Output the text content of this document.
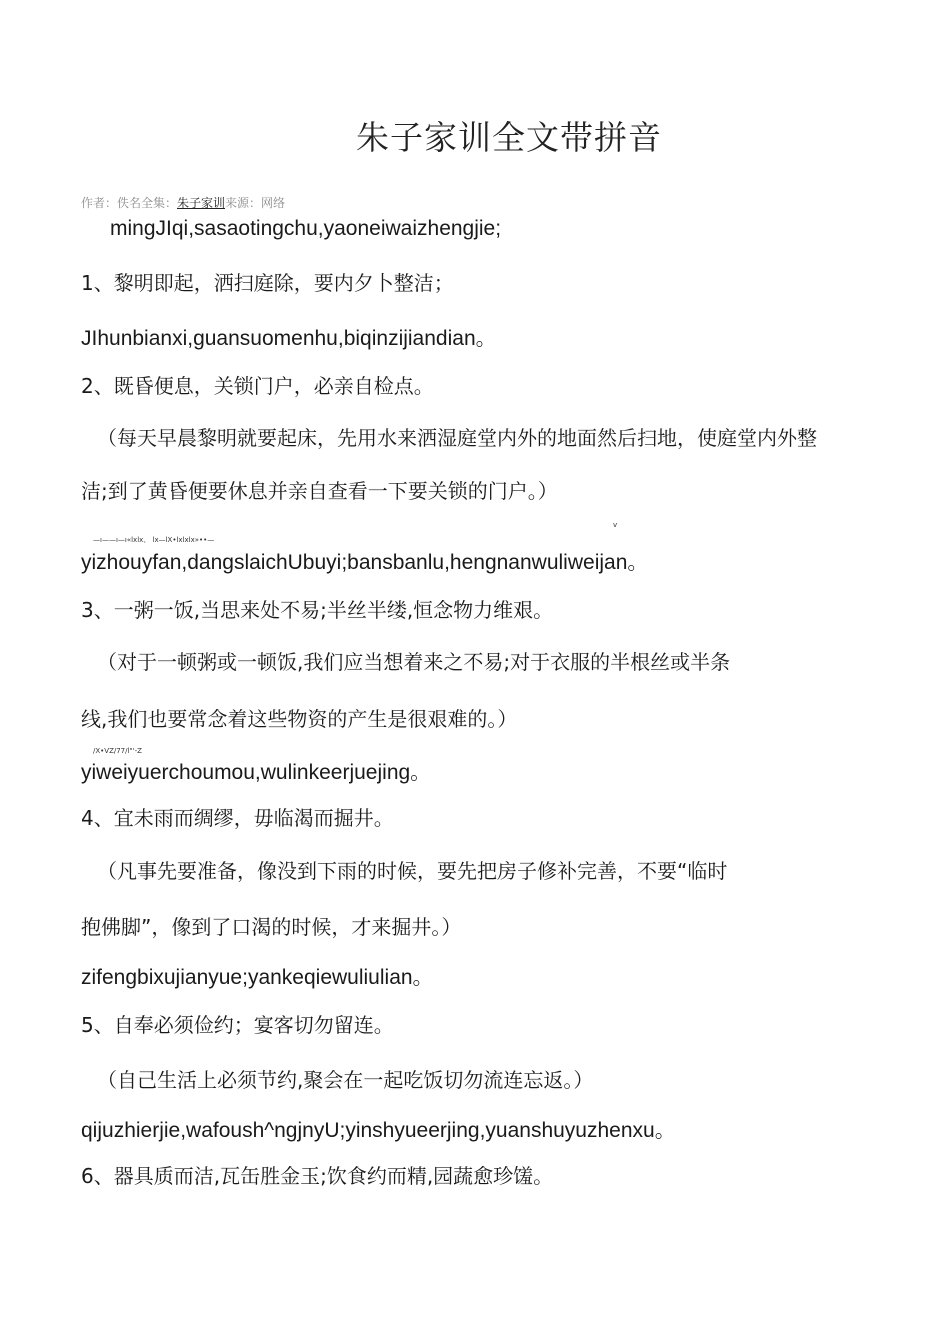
朱子家训全文带拼音
作者：佚名全集：朱子家训来源：网络
mingJIqi,sasaotingchu,yaoneiwaizhengjie;
1、黎明即起，洒扫庭除，要内夕卜整洁；
JIhunbianxi,guansuomenhu,biqinzijiandian。
2、既昏便息，关锁门户，必亲自检点。
（每天早晨黎明就要起床，先用水来洒湿庭堂内外的地面然后扫地，使庭堂内外整
洁;到了黄昏便要休息并亲自查看一下要关锁的门户。）
—ı——ı—ı«lxlx、 lx—lX•lxlxlx»••—
v
yizhouyfan,dangslaichUbuyi;bansbanlu,hengnanwuliweijan。
3、一粥一饭,当思来处不易;半丝半缕,恒念物力维艰。
（对于一顿粥或一顿饭,我们应当想着来之不易;对于衣服的半根丝或半条
线,我们也要常念着这些物资的产生是很艰难的。）
/X•VZ/77/l"'-Z
yiweiyuerchoumou,wulinkeerjuejing。
4、宜未雨而绸缪，毋临渴而掘井。
（凡事先要准备，像没到下雨的时候，要先把房子修补完善，不要“临时
抱佛脚”，像到了口渴的时候，才来掘井。）
zifengbixujianyue;yankeqiewuliulian。
5、自奉必须俭约；宴客切勿留连。
（自己生活上必须节约,聚会在一起吃饭切勿流连忘返。）
qijuzhierjie,wafoush^ngjnyU;yinshyueerjing,yuanshuyuzhenxu。
6、器具质而洁,瓦缶胜金玉;饮食约而精,园蔬愈珍馐。
